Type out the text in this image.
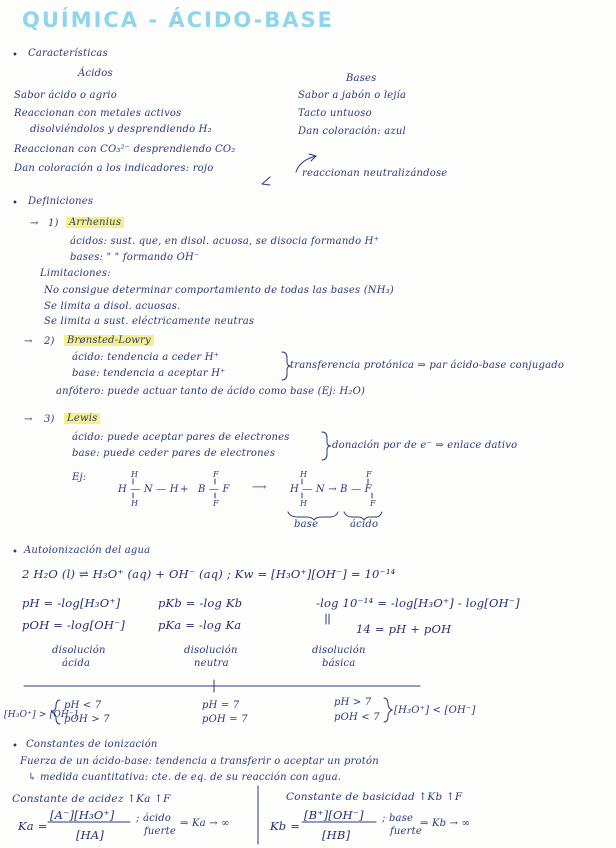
QUÍMICA - ÁCIDO-BASE
• Características
Ácidos	Bases
Sabor ácido o agrio
Reaccionan con metales activos
disolviéndolos y desprendiendo H₂
Reaccionan con CO₃²⁻ desprendiendo CO₂
Dan coloración a los indicadores: rojo
Sabor a jabón o lejía
Tacto untuoso
Dan coloración: azul
reaccionan neutralizándose
• Definiciones
→ 1)	Arrhenius
ácidos: sust. que, en disol. acuosa, se disocia formando H⁺
bases: " " formando OH⁻
Limitaciones:
No consigue determinar comportamiento de todas las bases (NH₃)
Se limita a disol. acuosas.
Se limita a sust. eléctricamente neutras
→ 2)	Brønsted-Lowry
ácido: tendencia a ceder H⁺
base: tendencia a aceptar H⁺
transferencia protónica ⇒ par ácido-base conjugado
anfótero: puede actuar tanto de ácido como base (Ej: H₂O)
→ 3)	Lewis
ácido: puede aceptar pares de electrones
base: puede ceder pares de electrones
donación por de e⁻ ⇒ enlace dativo
Ej:	H
H — N — H
H
+
F
B — F
F
⟶
H	F
H — N → B — F
H	F
base	ácido
• Autoionización del agua
2 H₂O (l) ⇌ H₃O⁺ (aq) + OH⁻ (aq) ; Kw = [H₃O⁺][OH⁻] = 10⁻¹⁴
pH = -log[H₃O⁺]	pKb = -log Kb	-log 10⁻¹⁴ = -log[H₃O⁺] - log[OH⁻]
pOH = -log[OH⁻]	pKa = -log Ka	14 = pH + pOH
disolución
ácida
disolución
neutra
disolución
básica
[H₃O⁺] > [OH⁻]
pH < 7
pOH > 7
pH = 7
pOH = 7
pH > 7
pOH < 7
[H₃O⁺] < [OH⁻]
• Constantes de ionización
Fuerza de un ácido-base: tendencia a transferir o aceptar un protón
↳ medida cuantitativa: cte. de eq. de su reacción con agua.
Constante de acidez ↑Ka ↑F	Constante de basicidad ↑Kb ↑F
Ka =
[A⁻][H₃O⁺]
[HA]
; ácido
fuerte
⇒ Ka → ∞	Kb =
[B⁺][OH⁻]
[HB]
; base
fuerte
⇒ Kb → ∞
